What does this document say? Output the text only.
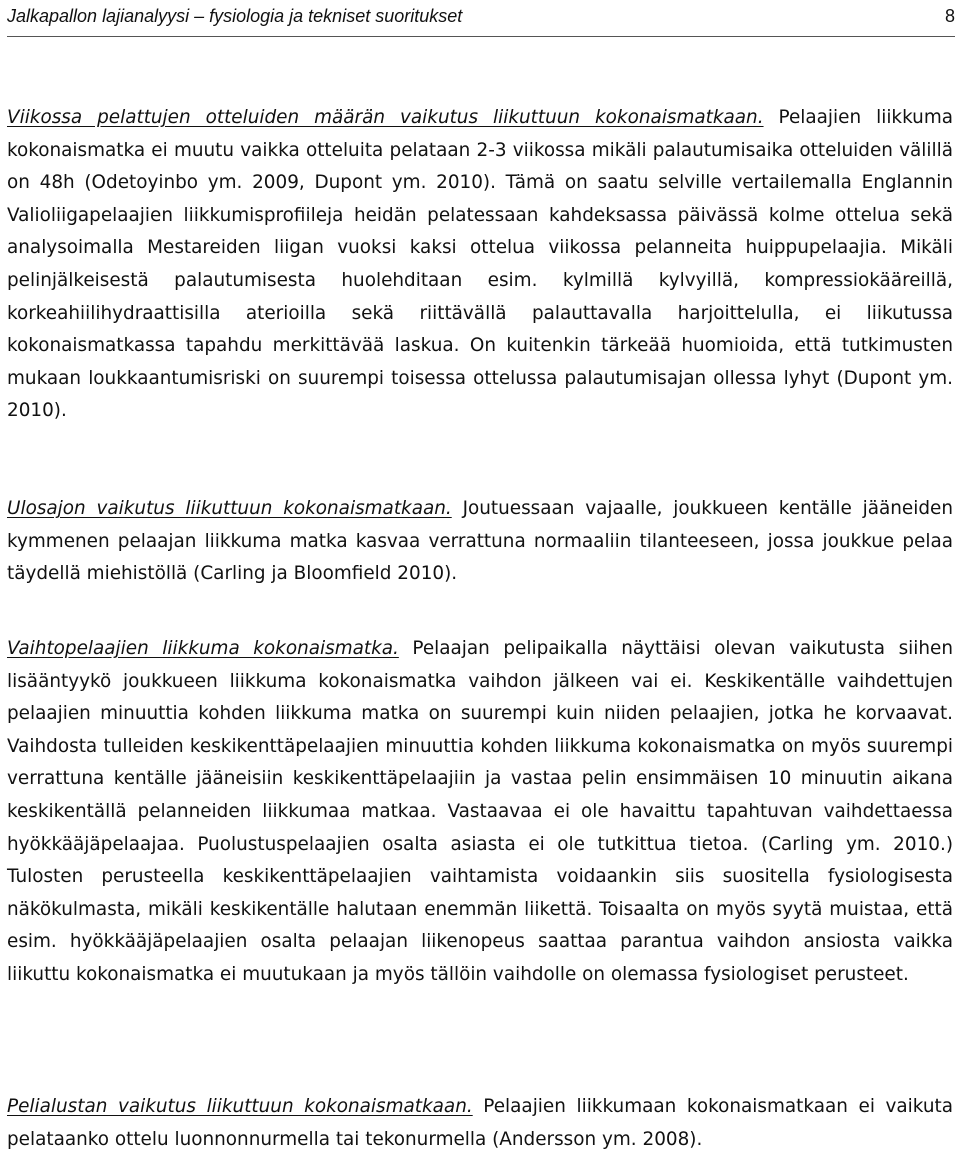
Jalkapallon lajianalyysi – fysiologia ja tekniset suoritukset	8

Viikossa pelattujen otteluiden määrän vaikutus liikuttuun kokonaismatkaan. Pelaajien liikkuma kokonaismatka ei muutu vaikka otteluita pelataan 2-3 viikossa mikäli palautumisaika otteluiden välillä on 48h (Odetoyinbo ym. 2009, Dupont ym. 2010). Tämä on saatu selville vertailemalla Englannin Valioliigapelaajien liikkumisprofiileja heidän pelatessaan kahdeksassa päivässä kolme ottelua sekä analysoimalla Mestareiden liigan vuoksi kaksi ottelua viikossa pelanneita huippupelaajia. Mikäli pelinjälkeisestä palautumisesta huolehditaan esim. kylmillä kylvyillä, kompressiokääreillä, korkeahiilihydraattisilla aterioilla sekä riittävällä palauttavalla harjoittelulla, ei liikutussa kokonaismatkassa tapahdu merkittävää laskua. On kuitenkin tärkeää huomioida, että tutkimusten mukaan loukkaantumisriski on suurempi toisessa ottelussa palautumisajan ollessa lyhyt (Dupont ym. 2010).

Ulosajon vaikutus liikuttuun kokonaismatkaan. Joutuessaan vajaalle, joukkueen kentälle jääneiden kymmenen pelaajan liikkuma matka kasvaa verrattuna normaaliin tilanteeseen, jossa joukkue pelaa täydellä miehistöllä (Carling ja Bloomfield 2010).

Vaihtopelaajien liikkuma kokonaismatka. Pelaajan pelipaikalla näyttäisi olevan vaikutusta siihen lisääntyykö joukkueen liikkuma kokonaismatka vaihdon jälkeen vai ei. Keskikentälle vaihdettujen pelaajien minuuttia kohden liikkuma matka on suurempi kuin niiden pelaajien, jotka he korvaavat. Vaihdosta tulleiden keskikenttäpelaajien minuuttia kohden liikkuma kokonaismatka on myös suurempi verrattuna kentälle jääneisiin keskikenttäpelaajiin ja vastaa pelin ensimmäisen 10 minuutin aikana keskikentällä pelanneiden liikkumaa matkaa. Vastaavaa ei ole havaittu tapahtuvan vaihdettaessa hyökkääjäpelaajaa. Puolustuspelaajien osalta asiasta ei ole tutkittua tietoa. (Carling ym. 2010.) Tulosten perusteella keskikenttäpelaajien vaihtamista voidaankin siis suositella fysiologisesta näkökulmasta, mikäli keskikentälle halutaan enemmän liikettä. Toisaalta on myös syytä muistaa, että esim. hyökkääjäpelaajien osalta pelaajan liikenopeus saattaa parantua vaihdon ansiosta vaikka liikuttu kokonaismatka ei muutukaan ja myös tällöin vaihdolle on olemassa fysiologiset perusteet.

Pelialustan vaikutus liikuttuun kokonaismatkaan. Pelaajien liikkumaan kokonaismatkaan ei vaikuta pelataanko ottelu luonnonnurmella tai tekonurmella (Andersson ym. 2008).
